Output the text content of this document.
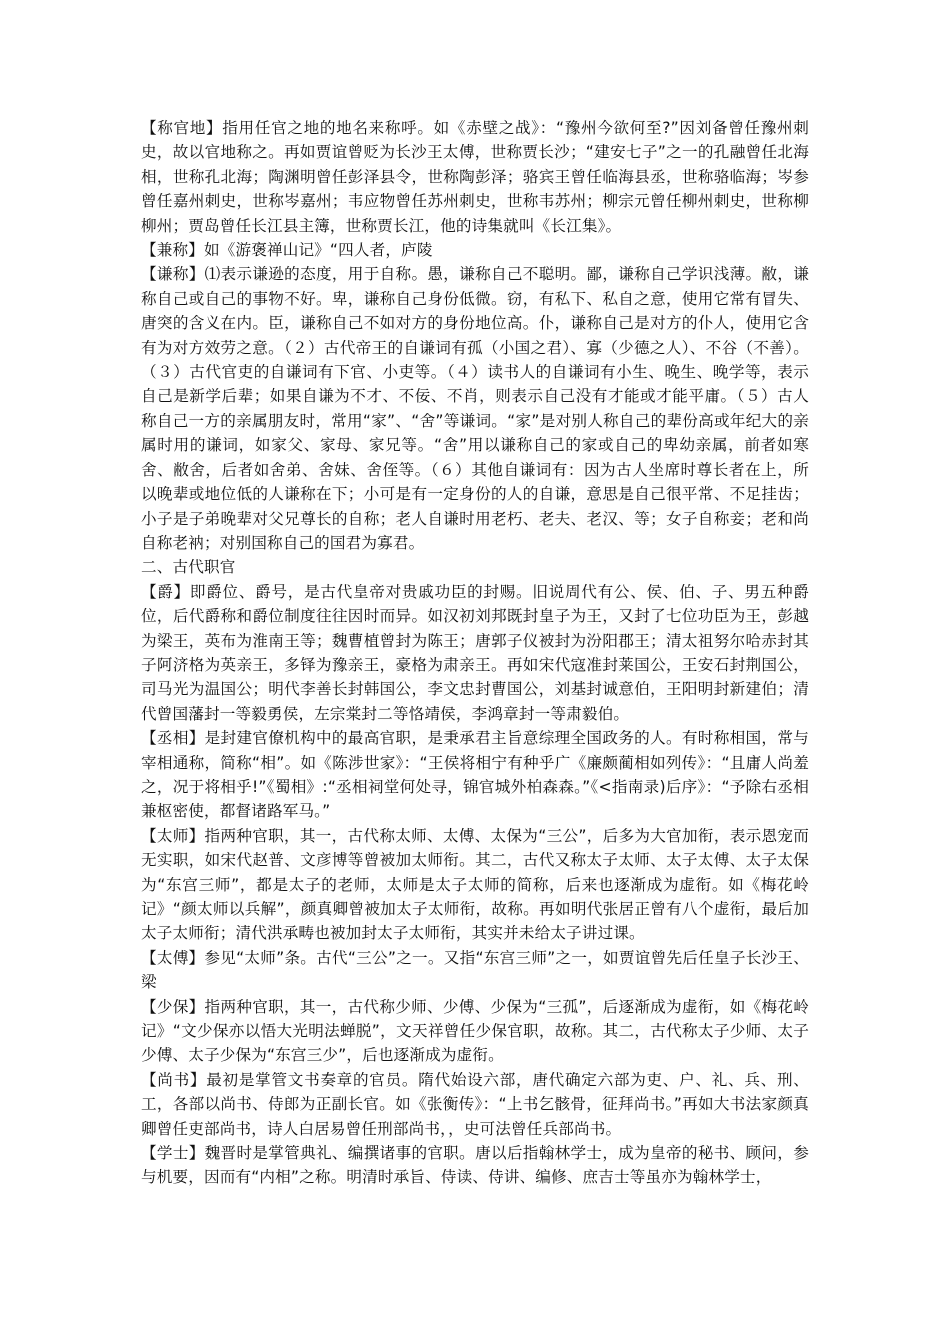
【称官地】指用任官之地的地名来称呼。如《赤壁之战》：“豫州今欲何至?”因刘备曾任豫州刺史，故以官地称之。再如贾谊曾贬为长沙王太傅，世称贾长沙；“建安七子”之一的孔融曾任北海相，世称孔北海；陶渊明曾任彭泽县令，世称陶彭泽；骆宾王曾任临海县丞，世称骆临海；岑参曾任嘉州刺史，世称岑嘉州；韦应物曾任苏州刺史，世称韦苏州；柳宗元曾任柳州刺史，世称柳柳州；贾岛曾任长江县主簿，世称贾长江，他的诗集就叫《长江集》。

【兼称】如《游褒禅山记》“四人者，庐陵

【谦称】⑴表示谦逊的态度，用于自称。愚，谦称自己不聪明。鄙，谦称自己学识浅薄。敝，谦称自己或自己的事物不好。卑，谦称自己身份低微。窃，有私下、私自之意，使用它常有冒失、唐突的含义在内。臣，谦称自己不如对方的身份地位高。仆，谦称自己是对方的仆人，使用它含有为对方效劳之意。（２）古代帝王的自谦词有孤（小国之君）、寡（少德之人）、不谷（不善）。（３）古代官吏的自谦词有下官、小吏等。（４）读书人的自谦词有小生、晚生、晚学等，表示自己是新学后辈；如果自谦为不才、不佞、不肖，则表示自己没有才能或才能平庸。（５）古人称自己一方的亲属朋友时，常用“家”、“舍”等谦词。“家”是对别人称自己的辈份高或年纪大的亲属时用的谦词，如家父、家母、家兄等。“舍”用以谦称自己的家或自己的卑幼亲属，前者如寒舍、敝舍，后者如舍弟、舍妹、舍侄等。（６）其他自谦词有：因为古人坐席时尊长者在上，所以晚辈或地位低的人谦称在下；小可是有一定身份的人的自谦，意思是自己很平常、不足挂齿；小子是子弟晚辈对父兄尊长的自称；老人自谦时用老朽、老夫、老汉、等；女子自称妾；老和尚自称老衲；对别国称自己的国君为寡君。

二、古代职官

【爵】即爵位、爵号，是古代皇帝对贵戚功臣的封赐。旧说周代有公、侯、伯、子、男五种爵位，后代爵称和爵位制度往往因时而异。如汉初刘邦既封皇子为王，又封了七位功臣为王，彭越为梁王，英布为淮南王等；魏曹植曾封为陈王；唐郭子仪被封为汾阳郡王；清太祖努尔哈赤封其子阿济格为英亲王，多铎为豫亲王，豪格为肃亲王。再如宋代寇准封莱国公，王安石封荆国公，司马光为温国公；明代李善长封韩国公，李文忠封曹国公，刘基封诚意伯，王阳明封新建伯；清代曾国藩封一等毅勇侯，左宗棠封二等恪靖侯，李鸿章封一等肃毅伯。

【丞相】是封建官僚机构中的最高官职，是秉承君主旨意综理全国政务的人。有时称相国，常与宰相通称，简称“相”。如《陈涉世家》：“王侯将相宁有种乎广《廉颇蔺相如列传》：“且庸人尚羞之，况于将相乎!”《蜀相》:“丞相祠堂何处寻，锦官城外柏森森。”《<指南录)后序》：“予除右丞相兼枢密使，都督诸路军马。”

【太师】指两种官职，其一，古代称太师、太傅、太保为“三公”，后多为大官加衔，表示恩宠而无实职，如宋代赵普、文彦博等曾被加太师衔。其二，古代又称太子太师、太子太傅、太子太保为“东宫三师”，都是太子的老师，太师是太子太师的简称，后来也逐渐成为虚衔。如《梅花岭记》“颜太师以兵解”，颜真卿曾被加太子太师衔，故称。再如明代张居正曾有八个虚衔，最后加太子太师衔；清代洪承畴也被加封太子太师衔，其实并未给太子讲过课。

【太傅】参见“太师”条。古代“三公”之一。又指“东宫三师”之一，如贾谊曾先后任皇子长沙王、梁

【少保】指两种官职，其一，古代称少师、少傅、少保为“三孤”，后逐渐成为虚衔，如《梅花岭记》“文少保亦以悟大光明法蝉脱”，文天祥曾任少保官职，故称。其二，古代称太子少师、太子少傅、太子少保为“东宫三少”，后也逐渐成为虚衔。

【尚书】最初是掌管文书奏章的官员。隋代始设六部，唐代确定六部为吏、户、礼、兵、刑、工，各部以尚书、侍郎为正副长官。如《张衡传》：“上书乞骸骨，征拜尚书。”再如大书法家颜真卿曾任吏部尚书，诗人白居易曾任刑部尚书，，史可法曾任兵部尚书。

【学士】魏晋时是掌管典礼、编撰诸事的官职。唐以后指翰林学士，成为皇帝的秘书、顾问，参与机要，因而有“内相”之称。明清时承旨、侍读、侍讲、编修、庶吉士等虽亦为翰林学士，
